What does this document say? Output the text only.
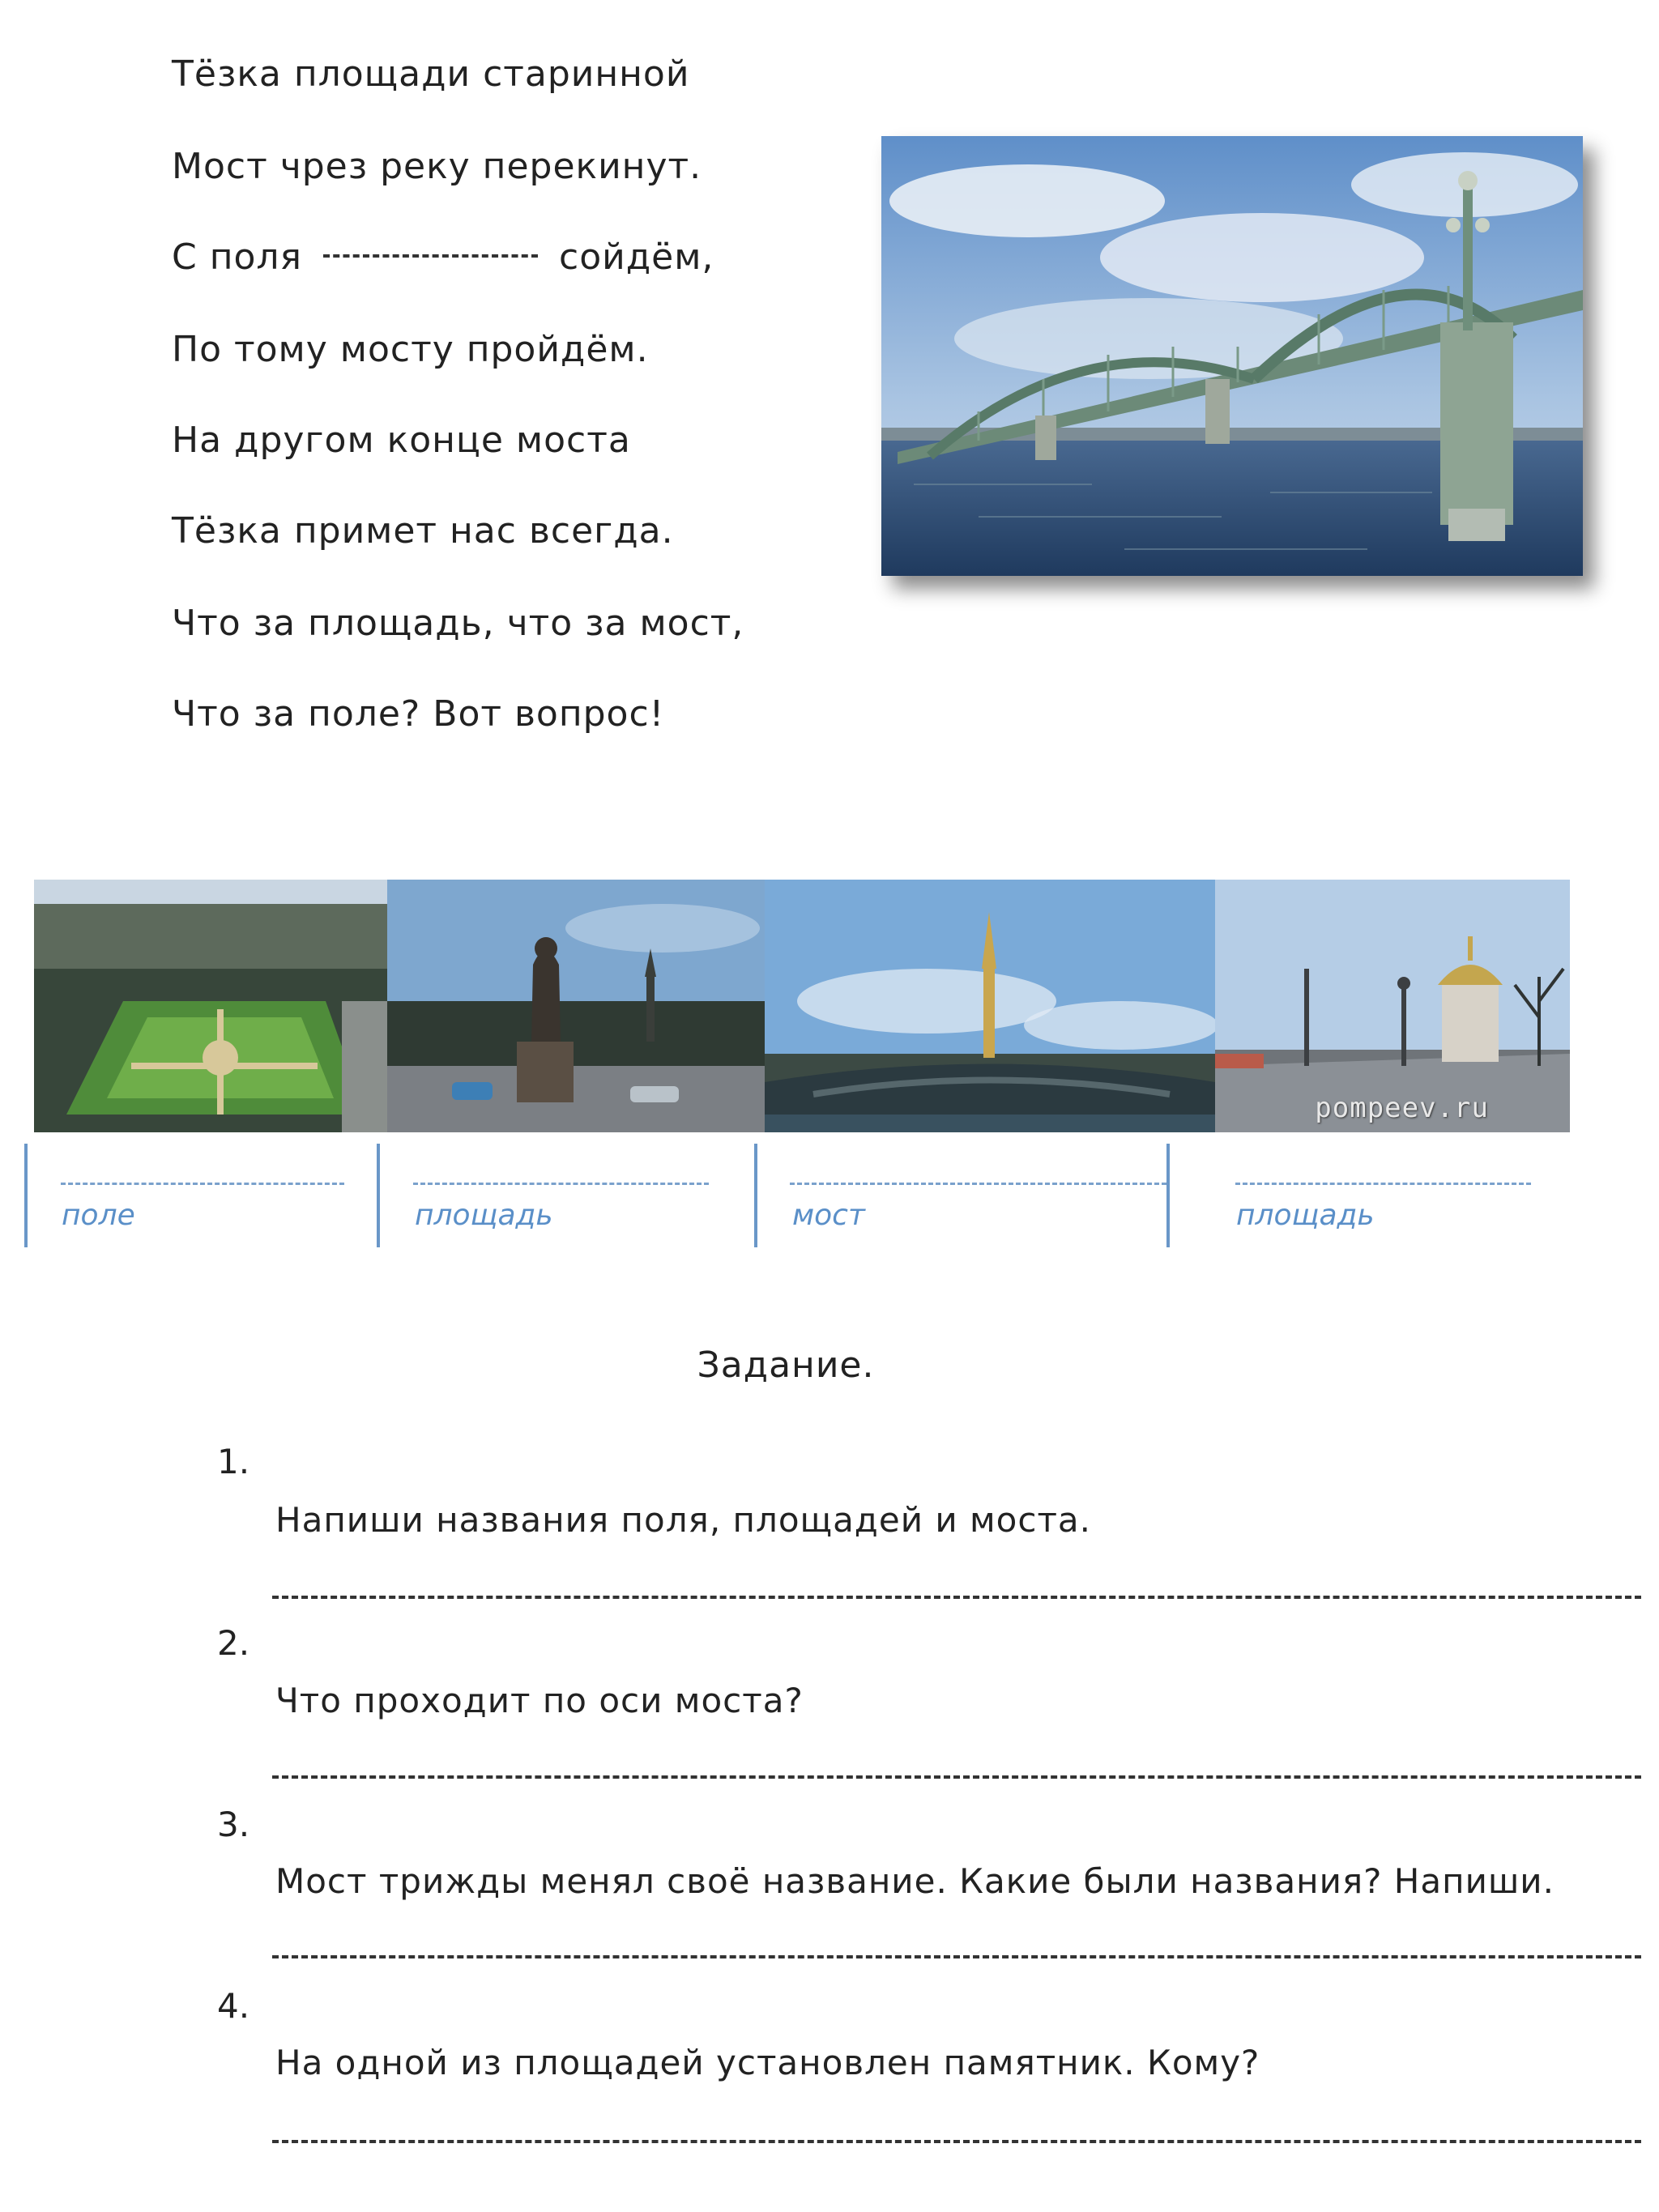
Тёзка площади старинной
Мост чрез реку перекинут.
С поля	сойдём,
По тому мосту пройдём.
На другом конце моста
Тёзка примет нас всегда.
Что за площадь, что за мост,
Что за поле? Вот вопрос!
pompeev.ru
поле	площадь	мост	площадь
Задание.
1.
Напиши названия поля, площадей и моста.
2.
Что проходит по оси моста?
3.
Мост трижды менял своё название. Какие были названия? Напиши.
4.
На одной из площадей установлен памятник. Кому?
